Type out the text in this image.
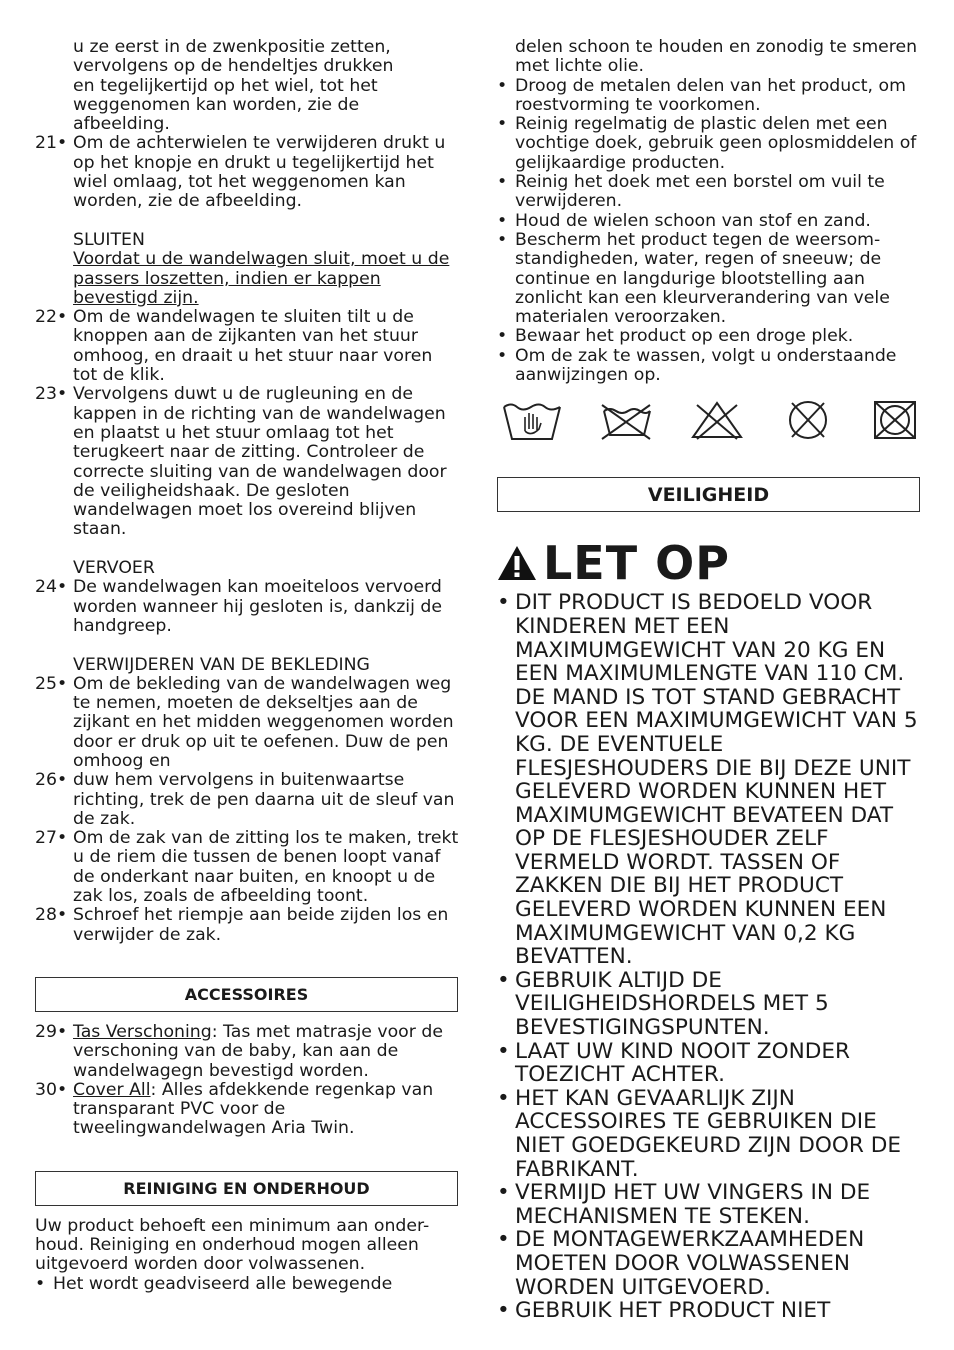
u ze eerst in de zwenkpositie zetten,
vervolgens op de hendeltjes drukken
en tegelijkertijd op het wiel, tot het
weggenomen kan worden, zie de
afbeelding.
21• Om de achterwielen te verwijderen drukt u op het knopje en drukt u tegelijkertijd het wiel omlaag, tot het weggenomen kan worden, zie de afbeelding.
SLUITEN
Voordat u de wandelwagen sluit, moet u de passers loszetten, indien er kappen bevestigd zijn.
22• Om de wandelwagen te sluiten tilt u de knoppen aan de zijkanten van het stuur omhoog, en draait u het stuur naar voren tot de klik.
23• Vervolgens duwt u de rugleuning en de kappen in de richting van de wandelwagen en plaatst u het stuur omlaag tot het terugkeert naar de zitting. Controleer de correcte sluiting van de wandelwagen door de veiligheidshaak. De gesloten wandelwagen moet los overeind blijven staan.
VERVOER
24• De wandelwagen kan moeiteloos vervoerd worden wanneer hij gesloten is, dankzij de handgreep.
VERWIJDEREN VAN DE BEKLEDING
25• Om de bekleding van de wandelwagen weg te nemen, moeten de dekseltjes aan de zijkant en het midden weggenomen worden door er druk op uit te oefenen. Duw de pen omhoog en
26• duw hem vervolgens in buitenwaartse richting, trek de pen daarna uit de sleuf van de zak.
27• Om de zak van de zitting los te maken, trekt u de riem die tussen de benen loopt vanaf de onderkant naar buiten, en knoopt u de zak los, zoals de afbeelding toont.
28• Schroef het riempje aan beide zijden los en verwijder de zak.
ACCESSOIRES
29• Tas Verschoning: Tas met matrasje voor de verschoning van de baby, kan aan de wandelwagegn bevestigd worden.
30• Cover All: Alles afdekkende regenkap van transparant PVC voor de tweelingwandelwagen Aria Twin.
REINIGING EN ONDERHOUD

Uw product behoeft een minimum aan onder-houd. Reiniging en onderhoud mogen alleen uitgevoerd worden door volwassenen.

• Het wordt geadviseerd alle bewegende
delen schoon te houden en zonodig te smeren met lichte olie.
• Droog de metalen delen van het product, om roestvorming te voorkomen.
• Reinig regelmatig de plastic delen met een vochtige doek, gebruik geen oplosmiddelen of gelijkaardige producten.
• Reinig het doek met een borstel om vuil te verwijderen.
• Houd de wielen schoon van stof en zand.
• Bescherm het product tegen de weersom-standigheden, water, regen of sneeuw; de continue en langdurige blootstelling aan zonlicht kan een kleurverandering van vele materialen veroorzaken.
• Bewaar het product op een droge plek.
• Om de zak te wassen, volgt u onderstaande aanwijzingen op.
VEILIGHEID
LET OP
• DIT PRODUCT IS BEDOELD VOOR KINDEREN MET EEN MAXIMUMGEWICHT VAN 20 KG EN EEN MAXIMUMLENGTE VAN 110 CM. DE MAND IS TOT STAND GEBRACHT VOOR EEN MAXIMUMGEWICHT VAN 5 KG. DE EVENTUELE FLESJESHOUDERS DIE BIJ DEZE UNIT GELEVERD WORDEN KUNNEN HET MAXIMUMGEWICHT BEVATEEN DAT OP DE FLESJESHOUDER ZELF VERMELD WORDT. TASSEN OF ZAKKEN DIE BIJ HET PRODUCT GELEVERD WORDEN KUNNEN EEN MAXIMUMGEWICHT VAN 0,2 KG BEVATTEN.
• GEBRUIK ALTIJD DE VEILIGHEIDSHORDELS MET 5 BEVESTIGINGSPUNTEN.
• LAAT UW KIND NOOIT ZONDER TOEZICHT ACHTER.
• HET KAN GEVAARLIJK ZIJN ACCESSOIRES TE GEBRUIKEN DIE NIET GOEDGEKEURD ZIJN DOOR DE FABRIKANT.
• VERMIJD HET UW VINGERS IN DE MECHANISMEN TE STEKEN.
• DE MONTAGEWERKZAAMHEDEN MOETEN DOOR VOLWASSENEN WORDEN UITGEVOERD.
• GEBRUIK HET PRODUCT NIET
